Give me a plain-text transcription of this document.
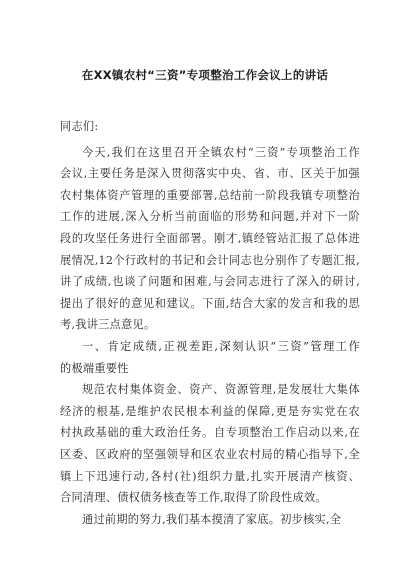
在XX镇农村“三资”专项整治工作会议上的讲话
同志们:
今天,我们在这里召开全镇农村“三资”专项整治工作
会议,主要任务是深入贯彻落实中央、省、市、区关于加强
农村集体资产管理的重要部署,总结前一阶段我镇专项整治
工作的进展,深入分析当前面临的形势和问题,并对下一阶
段的攻坚任务进行全面部署。刚才,镇经管站汇报了总体进
展情况,12个行政村的书记和会计同志也分别作了专题汇报,
讲了成绩,也谈了问题和困难,与会同志进行了深入的研讨,
提出了很好的意见和建议。下面,结合大家的发言和我的思
考,我讲三点意见。
一、肯定成绩,正视差距,深刻认识“三资”管理工作
的极端重要性
规范农村集体资金、资产、资源管理,是发展壮大集体
经济的根基,是维护农民根本利益的保障,更是夯实党在农
村执政基础的重大政治任务。自专项整治工作启动以来,在
区委、区政府的坚强领导和区农业农村局的精心指导下,全
镇上下迅速行动,各村(社)组织力量,扎实开展清产核资、
合同清理、债权债务核查等工作,取得了阶段性成效。
通过前期的努力,我们基本摸清了家底。初步核实,全
